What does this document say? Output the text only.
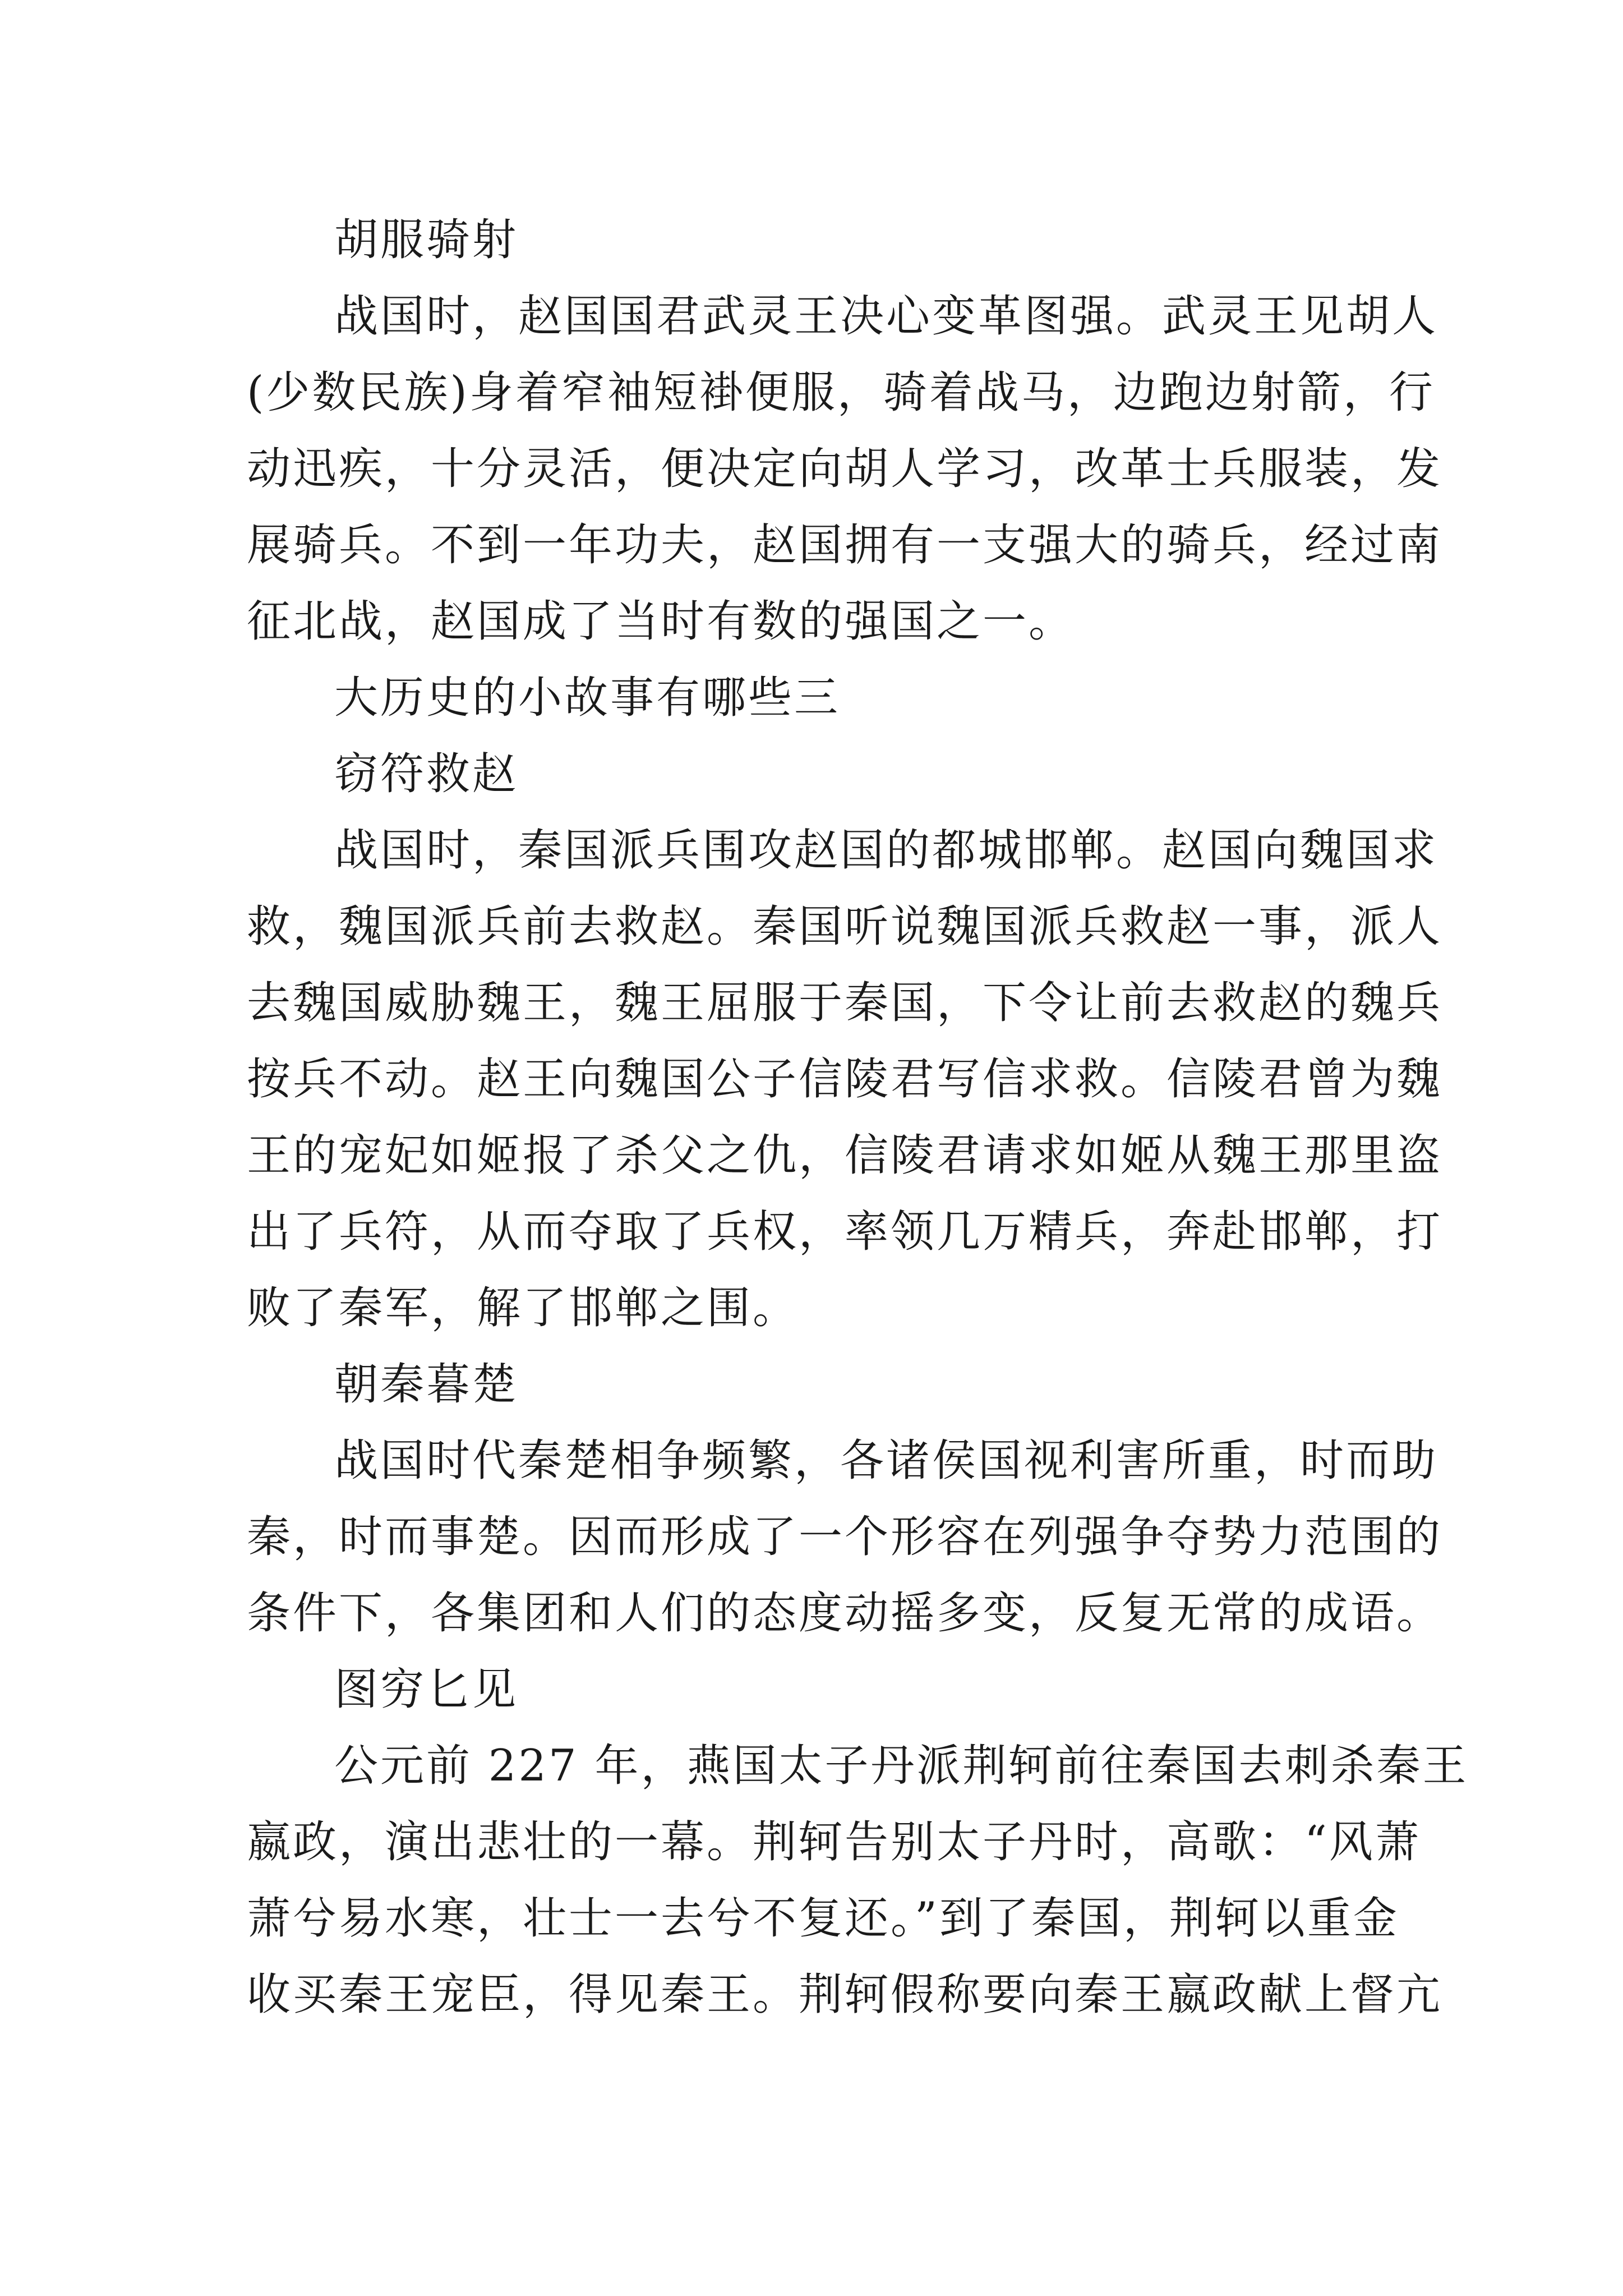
胡服骑射
战国时，赵国国君武灵王决心变革图强。武灵王见胡人
(少数民族)身着窄袖短褂便服，骑着战马，边跑边射箭，行
动迅疾，十分灵活，便决定向胡人学习，改革士兵服装，发
展骑兵。不到一年功夫，赵国拥有一支强大的骑兵，经过南
征北战，赵国成了当时有数的强国之一。
大历史的小故事有哪些三
窃符救赵
战国时，秦国派兵围攻赵国的都城邯郸。赵国向魏国求
救，魏国派兵前去救赵。秦国听说魏国派兵救赵一事，派人
去魏国威胁魏王，魏王屈服于秦国，下令让前去救赵的魏兵
按兵不动。赵王向魏国公子信陵君写信求救。信陵君曾为魏
王的宠妃如姬报了杀父之仇，信陵君请求如姬从魏王那里盗
出了兵符，从而夺取了兵权，率领几万精兵，奔赴邯郸，打
败了秦军，解了邯郸之围。
朝秦暮楚
战国时代秦楚相争频繁，各诸侯国视利害所重，时而助
秦，时而事楚。因而形成了一个形容在列强争夺势力范围的
条件下，各集团和人们的态度动摇多变，反复无常的成语。
图穷匕见
公元前 227 年，燕国太子丹派荆轲前往秦国去刺杀秦王
嬴政，演出悲壮的一幕。荆轲告别太子丹时，高歌：“风萧
萧兮易水寒，壮士一去兮不复还。”到了秦国，荆轲以重金
收买秦王宠臣，得见秦王。荆轲假称要向秦王嬴政献上督亢
